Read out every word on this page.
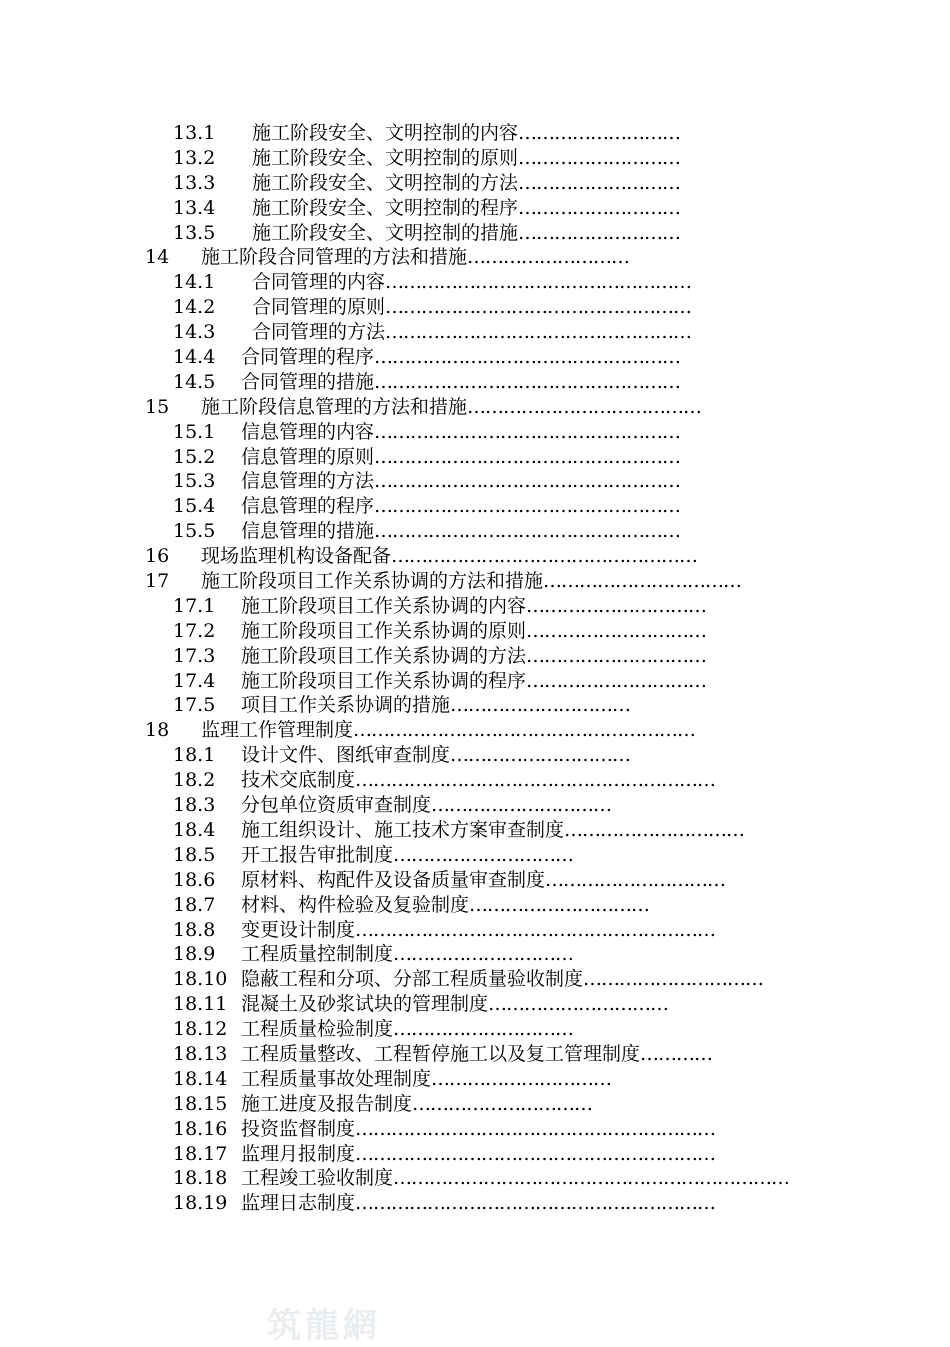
13.1 施工阶段安全、文明控制的内容………………………
13.2 施工阶段安全、文明控制的原则………………………
13.3 施工阶段安全、文明控制的方法………………………
13.4 施工阶段安全、文明控制的程序………………………
13.5 施工阶段安全、文明控制的措施………………………
14 施工阶段合同管理的方法和措施………………………
14.1 合同管理的内容……………………………………………
14.2 合同管理的原则……………………………………………
14.3 合同管理的方法……………………………………………
14.4 合同管理的程序……………………………………………
14.5 合同管理的措施……………………………………………
15 施工阶段信息管理的方法和措施…………………………………
15.1 信息管理的内容……………………………………………
15.2 信息管理的原则……………………………………………
15.3 信息管理的方法……………………………………………
15.4 信息管理的程序……………………………………………
15.5 信息管理的措施……………………………………………
16 现场监理机构设备配备……………………………………………
17 施工阶段项目工作关系协调的方法和措施……………………………
17.1 施工阶段项目工作关系协调的内容…………………………
17.2 施工阶段项目工作关系协调的原则…………………………
17.3 施工阶段项目工作关系协调的方法…………………………
17.4 施工阶段项目工作关系协调的程序…………………………
17.5 项目工作关系协调的措施…………………………
18 监理工作管理制度…………………………………………………
18.1 设计文件、图纸审查制度…………………………
18.2 技术交底制度……………………………………………………
18.3 分包单位资质审查制度…………………………
18.4 施工组织设计、施工技术方案审查制度…………………………
18.5 开工报告审批制度…………………………
18.6 原材料、构配件及设备质量审查制度…………………………
18.7 材料、构件检验及复验制度…………………………
18.8 变更设计制度……………………………………………………
18.9 工程质量控制制度…………………………
18.10 隐蔽工程和分项、分部工程质量验收制度…………………………
18.11 混凝土及砂浆试块的管理制度…………………………
18.12 工程质量检验制度…………………………
18.13 工程质量整改、工程暂停施工以及复工管理制度…………
18.14 工程质量事故处理制度…………………………
18.15 施工进度及报告制度…………………………
18.16 投资监督制度……………………………………………………
18.17 监理月报制度……………………………………………………
18.18 工程竣工验收制度…………………………………………………………
18.19 监理日志制度……………………………………………………
筑龍網
